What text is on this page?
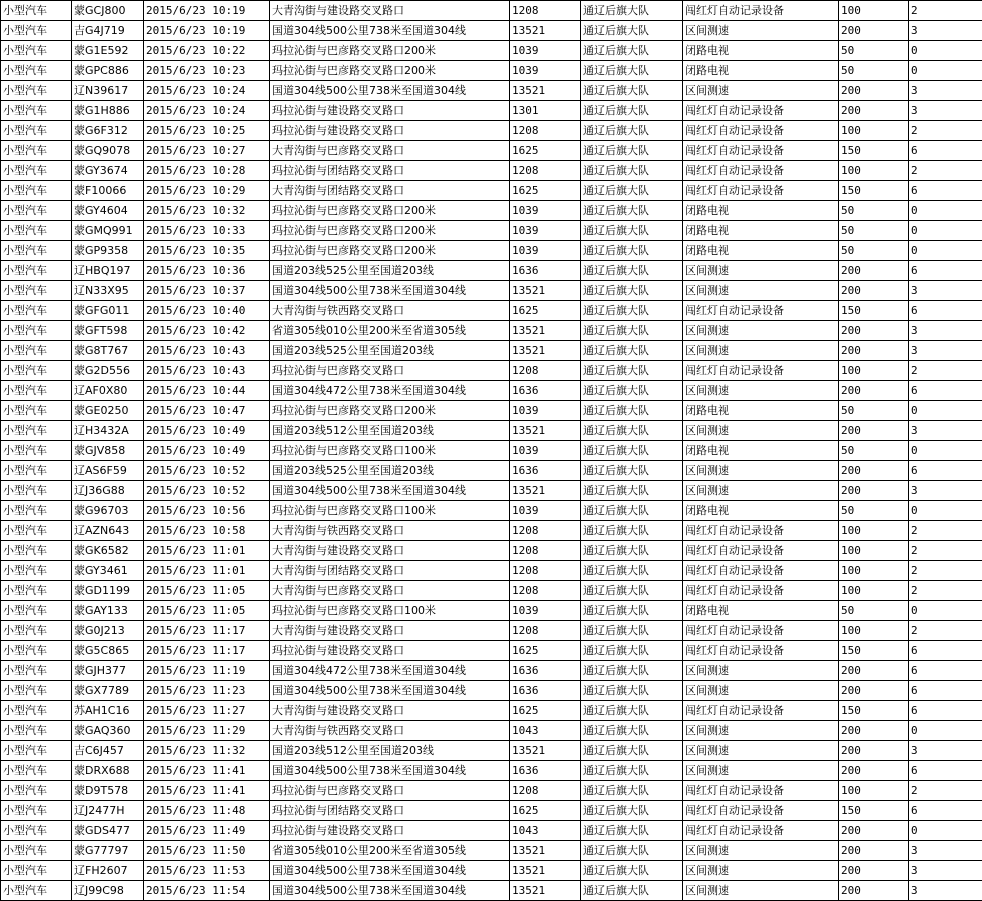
小型汽车	蒙GCJ800	2015/6/23 10:19	大青沟街与建设路交叉路口	1208	通辽后旗大队	闯红灯自动记录设备	100	2
小型汽车	吉G4J719	2015/6/23 10:19	国道304线500公里738米至国道304线	13521	通辽后旗大队	区间测速	200	3
小型汽车	蒙G1E592	2015/6/23 10:22	玛拉沁街与巴彦路交叉路口200米	1039	通辽后旗大队	闭路电视	50	0
小型汽车	蒙GPC886	2015/6/23 10:23	玛拉沁街与巴彦路交叉路口200米	1039	通辽后旗大队	闭路电视	50	0
小型汽车	辽N39617	2015/6/23 10:24	国道304线500公里738米至国道304线	13521	通辽后旗大队	区间测速	200	3
小型汽车	蒙G1H886	2015/6/23 10:24	玛拉沁街与建设路交叉路口	1301	通辽后旗大队	闯红灯自动记录设备	200	3
小型汽车	蒙G6F312	2015/6/23 10:25	玛拉沁街与建设路交叉路口	1208	通辽后旗大队	闯红灯自动记录设备	100	2
小型汽车	蒙GQ9078	2015/6/23 10:27	大青沟街与巴彦路交叉路口	1625	通辽后旗大队	闯红灯自动记录设备	150	6
小型汽车	蒙GY3674	2015/6/23 10:28	玛拉沁街与团结路交叉路口	1208	通辽后旗大队	闯红灯自动记录设备	100	2
小型汽车	蒙F10066	2015/6/23 10:29	大青沟街与团结路交叉路口	1625	通辽后旗大队	闯红灯自动记录设备	150	6
小型汽车	蒙GY4604	2015/6/23 10:32	玛拉沁街与巴彦路交叉路口200米	1039	通辽后旗大队	闭路电视	50	0
小型汽车	蒙GMQ991	2015/6/23 10:33	玛拉沁街与巴彦路交叉路口200米	1039	通辽后旗大队	闭路电视	50	0
小型汽车	蒙GP9358	2015/6/23 10:35	玛拉沁街与巴彦路交叉路口200米	1039	通辽后旗大队	闭路电视	50	0
小型汽车	辽HBQ197	2015/6/23 10:36	国道203线525公里至国道203线	1636	通辽后旗大队	区间测速	200	6
小型汽车	辽N33X95	2015/6/23 10:37	国道304线500公里738米至国道304线	13521	通辽后旗大队	区间测速	200	3
小型汽车	蒙GFG011	2015/6/23 10:40	大青沟街与铁西路交叉路口	1625	通辽后旗大队	闯红灯自动记录设备	150	6
小型汽车	蒙GFT598	2015/6/23 10:42	省道305线010公里200米至省道305线	13521	通辽后旗大队	区间测速	200	3
小型汽车	蒙G8T767	2015/6/23 10:43	国道203线525公里至国道203线	13521	通辽后旗大队	区间测速	200	3
小型汽车	蒙G2D556	2015/6/23 10:43	玛拉沁街与巴彦路交叉路口	1208	通辽后旗大队	闯红灯自动记录设备	100	2
小型汽车	辽AF0X80	2015/6/23 10:44	国道304线472公里738米至国道304线	1636	通辽后旗大队	区间测速	200	6
小型汽车	蒙GE0250	2015/6/23 10:47	玛拉沁街与巴彦路交叉路口200米	1039	通辽后旗大队	闭路电视	50	0
小型汽车	辽H3432A	2015/6/23 10:49	国道203线512公里至国道203线	13521	通辽后旗大队	区间测速	200	3
小型汽车	蒙GJV858	2015/6/23 10:49	玛拉沁街与巴彦路交叉路口100米	1039	通辽后旗大队	闭路电视	50	0
小型汽车	辽AS6F59	2015/6/23 10:52	国道203线525公里至国道203线	1636	通辽后旗大队	区间测速	200	6
小型汽车	辽J36G88	2015/6/23 10:52	国道304线500公里738米至国道304线	13521	通辽后旗大队	区间测速	200	3
小型汽车	蒙G96703	2015/6/23 10:56	玛拉沁街与巴彦路交叉路口100米	1039	通辽后旗大队	闭路电视	50	0
小型汽车	辽AZN643	2015/6/23 10:58	大青沟街与铁西路交叉路口	1208	通辽后旗大队	闯红灯自动记录设备	100	2
小型汽车	蒙GK6582	2015/6/23 11:01	大青沟街与建设路交叉路口	1208	通辽后旗大队	闯红灯自动记录设备	100	2
小型汽车	蒙GY3461	2015/6/23 11:01	大青沟街与团结路交叉路口	1208	通辽后旗大队	闯红灯自动记录设备	100	2
小型汽车	蒙GD1199	2015/6/23 11:05	大青沟街与巴彦路交叉路口	1208	通辽后旗大队	闯红灯自动记录设备	100	2
小型汽车	蒙GAY133	2015/6/23 11:05	玛拉沁街与巴彦路交叉路口100米	1039	通辽后旗大队	闭路电视	50	0
小型汽车	蒙G0J213	2015/6/23 11:17	大青沟街与建设路交叉路口	1208	通辽后旗大队	闯红灯自动记录设备	100	2
小型汽车	蒙G5C865	2015/6/23 11:17	玛拉沁街与建设路交叉路口	1625	通辽后旗大队	闯红灯自动记录设备	150	6
小型汽车	蒙GJH377	2015/6/23 11:19	国道304线472公里738米至国道304线	1636	通辽后旗大队	区间测速	200	6
小型汽车	蒙GX7789	2015/6/23 11:23	国道304线500公里738米至国道304线	1636	通辽后旗大队	区间测速	200	6
小型汽车	苏AH1C16	2015/6/23 11:27	大青沟街与建设路交叉路口	1625	通辽后旗大队	闯红灯自动记录设备	150	6
小型汽车	蒙GAQ360	2015/6/23 11:29	大青沟街与铁西路交叉路口	1043	通辽后旗大队	区间测速	200	0
小型汽车	吉C6J457	2015/6/23 11:32	国道203线512公里至国道203线	13521	通辽后旗大队	区间测速	200	3
小型汽车	蒙DRX688	2015/6/23 11:41	国道304线500公里738米至国道304线	1636	通辽后旗大队	区间测速	200	6
小型汽车	蒙D9T578	2015/6/23 11:41	玛拉沁街与巴彦路交叉路口	1208	通辽后旗大队	闯红灯自动记录设备	100	2
小型汽车	辽J2477H	2015/6/23 11:48	玛拉沁街与团结路交叉路口	1625	通辽后旗大队	闯红灯自动记录设备	150	6
小型汽车	蒙GDS477	2015/6/23 11:49	玛拉沁街与建设路交叉路口	1043	通辽后旗大队	闯红灯自动记录设备	200	0
小型汽车	蒙G77797	2015/6/23 11:50	省道305线010公里200米至省道305线	13521	通辽后旗大队	区间测速	200	3
小型汽车	辽FH2607	2015/6/23 11:53	国道304线500公里738米至国道304线	13521	通辽后旗大队	区间测速	200	3
小型汽车	辽J99C98	2015/6/23 11:54	国道304线500公里738米至国道304线	13521	通辽后旗大队	区间测速	200	3
